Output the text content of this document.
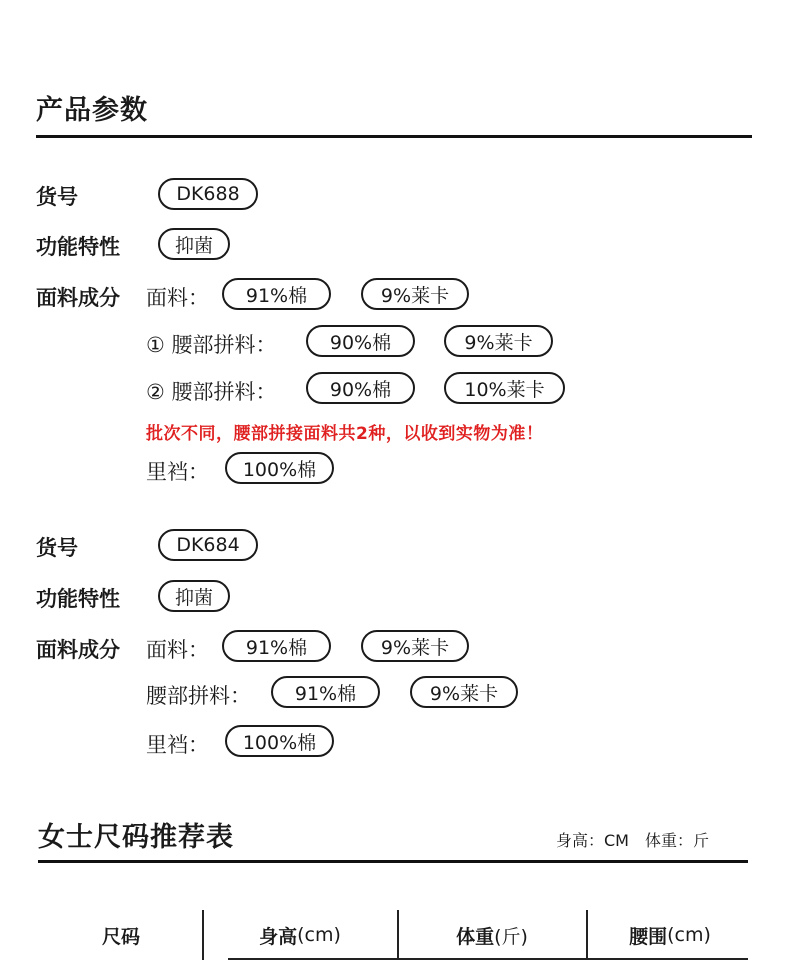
产品参数
货号	DK688
功能特性	抑菌
面料成分 面料：	91%棉	9%莱卡
① 腰部拼料：	90%棉	9%莱卡
② 腰部拼料：	90%棉	10%莱卡
批次不同，腰部拼接面料共2种，以收到实物为准！
里裆：	100%棉
货号	DK684
功能特性	抑菌
面料成分 面料：	91%棉	9%莱卡
腰部拼料：	91%棉	9%莱卡
里裆：	100%棉
女士尺码推荐表	身高：CM　体重：斤
尺码	身高 (cm)	体重 (斤)	腰围 (cm)
